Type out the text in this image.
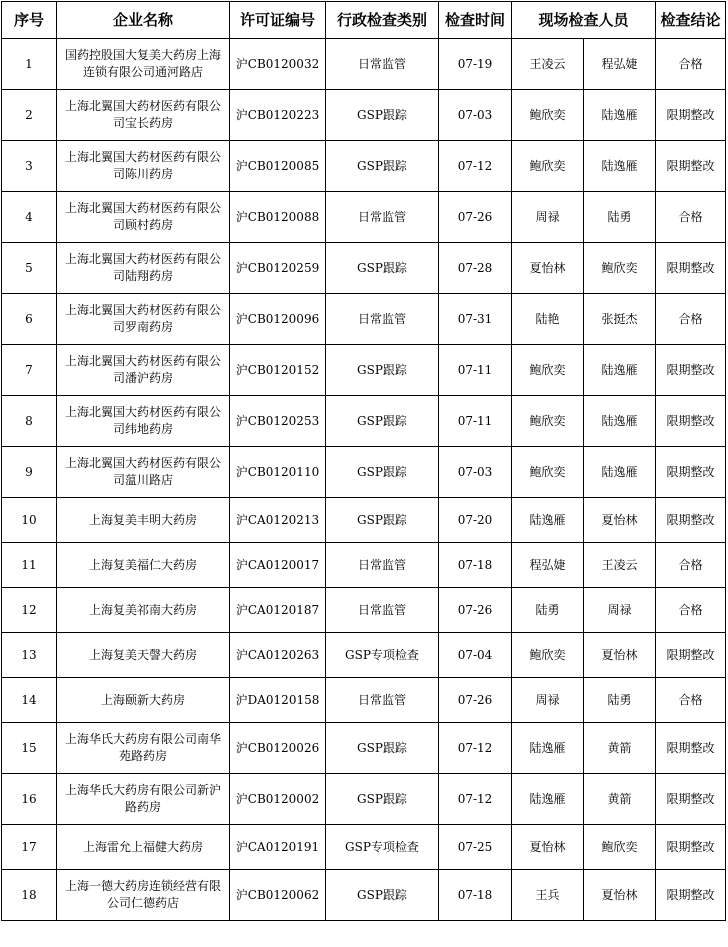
序号	企业名称	许可证编号	行政检查类别	检查时间	现场检查人员		检查结论
1	国药控股国大复美大药房上海连锁有限公司通河路店	沪CB0120032	日常监管	07-19	王凌云	程弘婕	合格
2	上海北翼国大药材医药有限公司宝长药房	沪CB0120223	GSP跟踪	07-03	鲍欣奕	陆逸雁	限期整改
3	上海北翼国大药材医药有限公司陈川药房	沪CB0120085	GSP跟踪	07-12	鲍欣奕	陆逸雁	限期整改
4	上海北翼国大药材医药有限公司顾村药房	沪CB0120088	日常监管	07-26	周禄	陆勇	合格
5	上海北翼国大药材医药有限公司陆翔药房	沪CB0120259	GSP跟踪	07-28	夏怡林	鲍欣奕	限期整改
6	上海北翼国大药材医药有限公司罗南药房	沪CB0120096	日常监管	07-31	陆艳	张挺杰	合格
7	上海北翼国大药材医药有限公司潘沪药房	沪CB0120152	GSP跟踪	07-11	鲍欣奕	陆逸雁	限期整改
8	上海北翼国大药材医药有限公司纬地药房	沪CB0120253	GSP跟踪	07-11	鲍欣奕	陆逸雁	限期整改
9	上海北翼国大药材医药有限公司蕰川路店	沪CB0120110	GSP跟踪	07-03	鲍欣奕	陆逸雁	限期整改
10	上海复美丰明大药房	沪CA0120213	GSP跟踪	07-20	陆逸雁	夏怡林	限期整改
11	上海复美福仁大药房	沪CA0120017	日常监管	07-18	程弘婕	王凌云	合格
12	上海复美祁南大药房	沪CA0120187	日常监管	07-26	陆勇	周禄	合格
13	上海复美天謦大药房	沪CA0120263	GSP专项检查	07-04	鲍欣奕	夏怡林	限期整改
14	上海颐新大药房	沪DA0120158	日常监管	07-26	周禄	陆勇	合格
15	上海华氏大药房有限公司南华苑路药房	沪CB0120026	GSP跟踪	07-12	陆逸雁	黄箭	限期整改
16	上海华氏大药房有限公司新沪路药房	沪CB0120002	GSP跟踪	07-12	陆逸雁	黄箭	限期整改
17	上海雷允上福健大药房	沪CA0120191	GSP专项检查	07-25	夏怡林	鲍欣奕	限期整改
18	上海一德大药房连锁经营有限公司仁德药店	沪CB0120062	GSP跟踪	07-18	王兵	夏怡林	限期整改
